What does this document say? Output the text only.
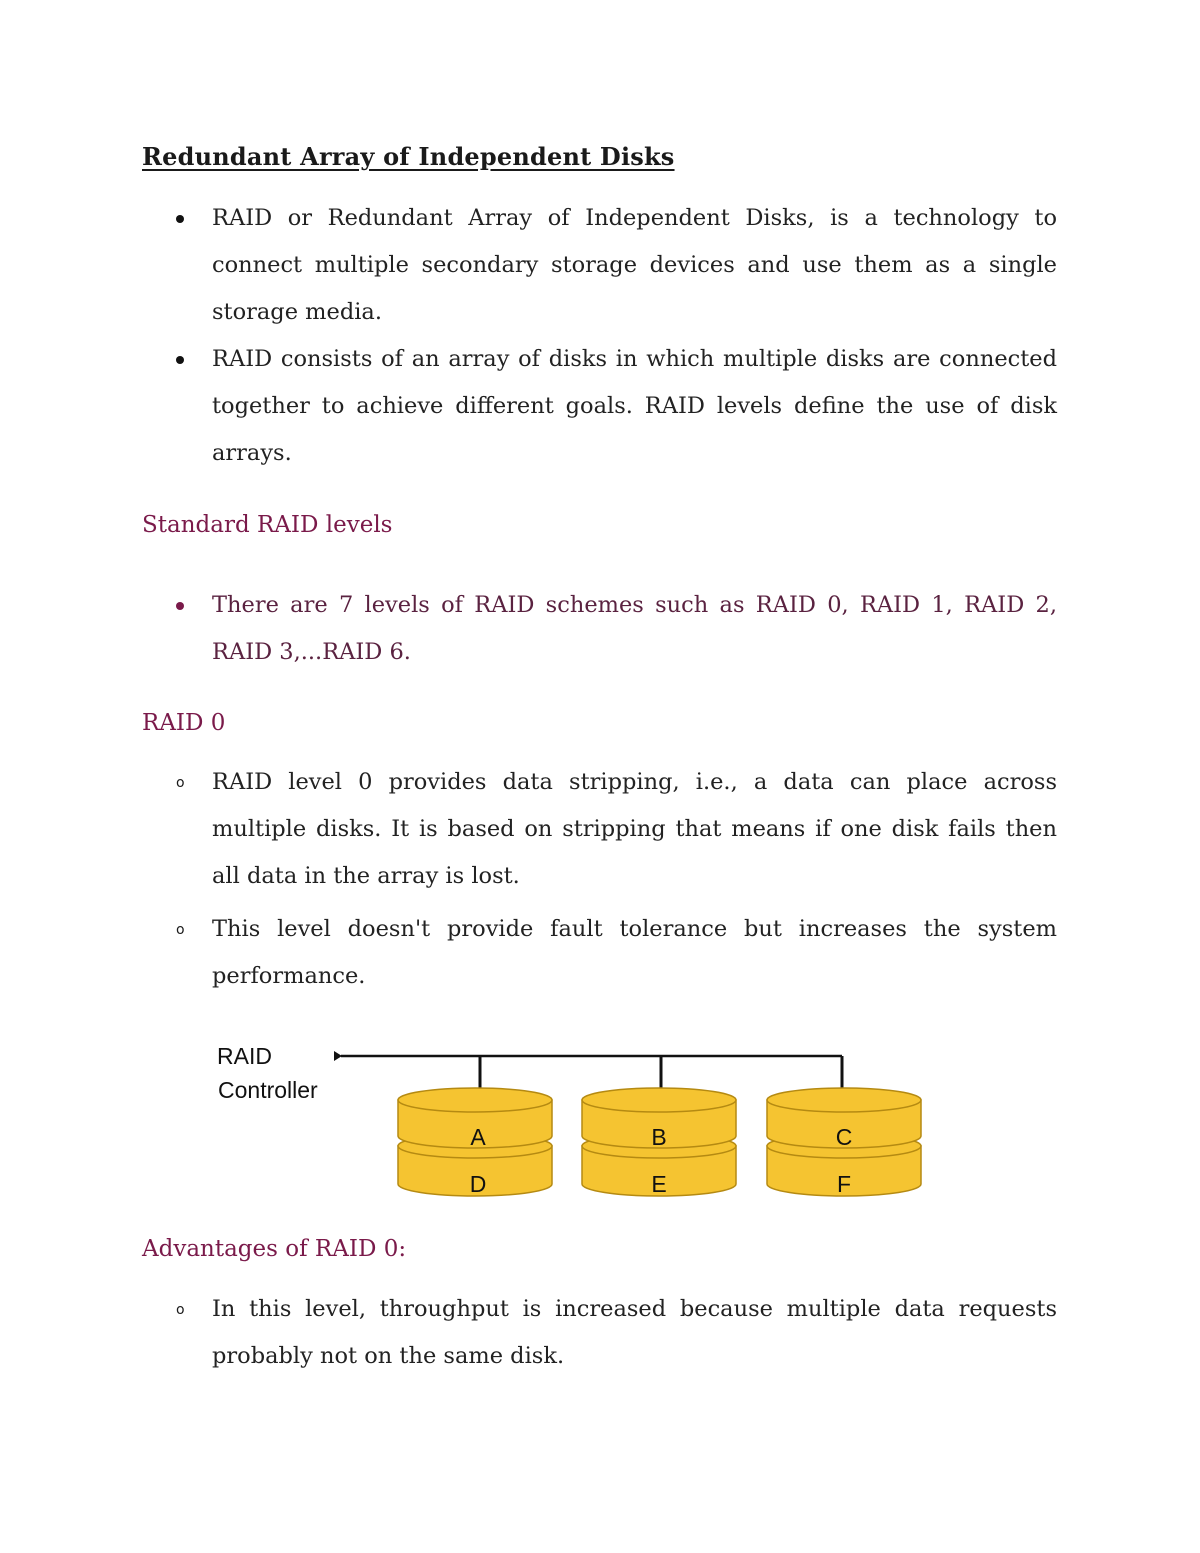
Redundant Array of Independent Disks
RAID or Redundant Array of Independent Disks, is a technology to connect multiple secondary storage devices and use them as a single storage media.
RAID consists of an array of disks in which multiple disks are connected together to achieve different goals. RAID levels define the use of disk arrays.
Standard RAID levels
There are 7 levels of RAID schemes such as RAID 0, RAID 1, RAID 2, RAID 3,...RAID 6.
RAID 0
o RAID level 0 provides data stripping, i.e., a data can place across multiple disks. It is based on stripping that means if one disk fails then all data in the array is lost.
o This level doesn't provide fault tolerance but increases the system performance.
RAID
Controller
A
D
B
E
C
F
Advantages of RAID 0:
o In this level, throughput is increased because multiple data requests probably not on the same disk.
